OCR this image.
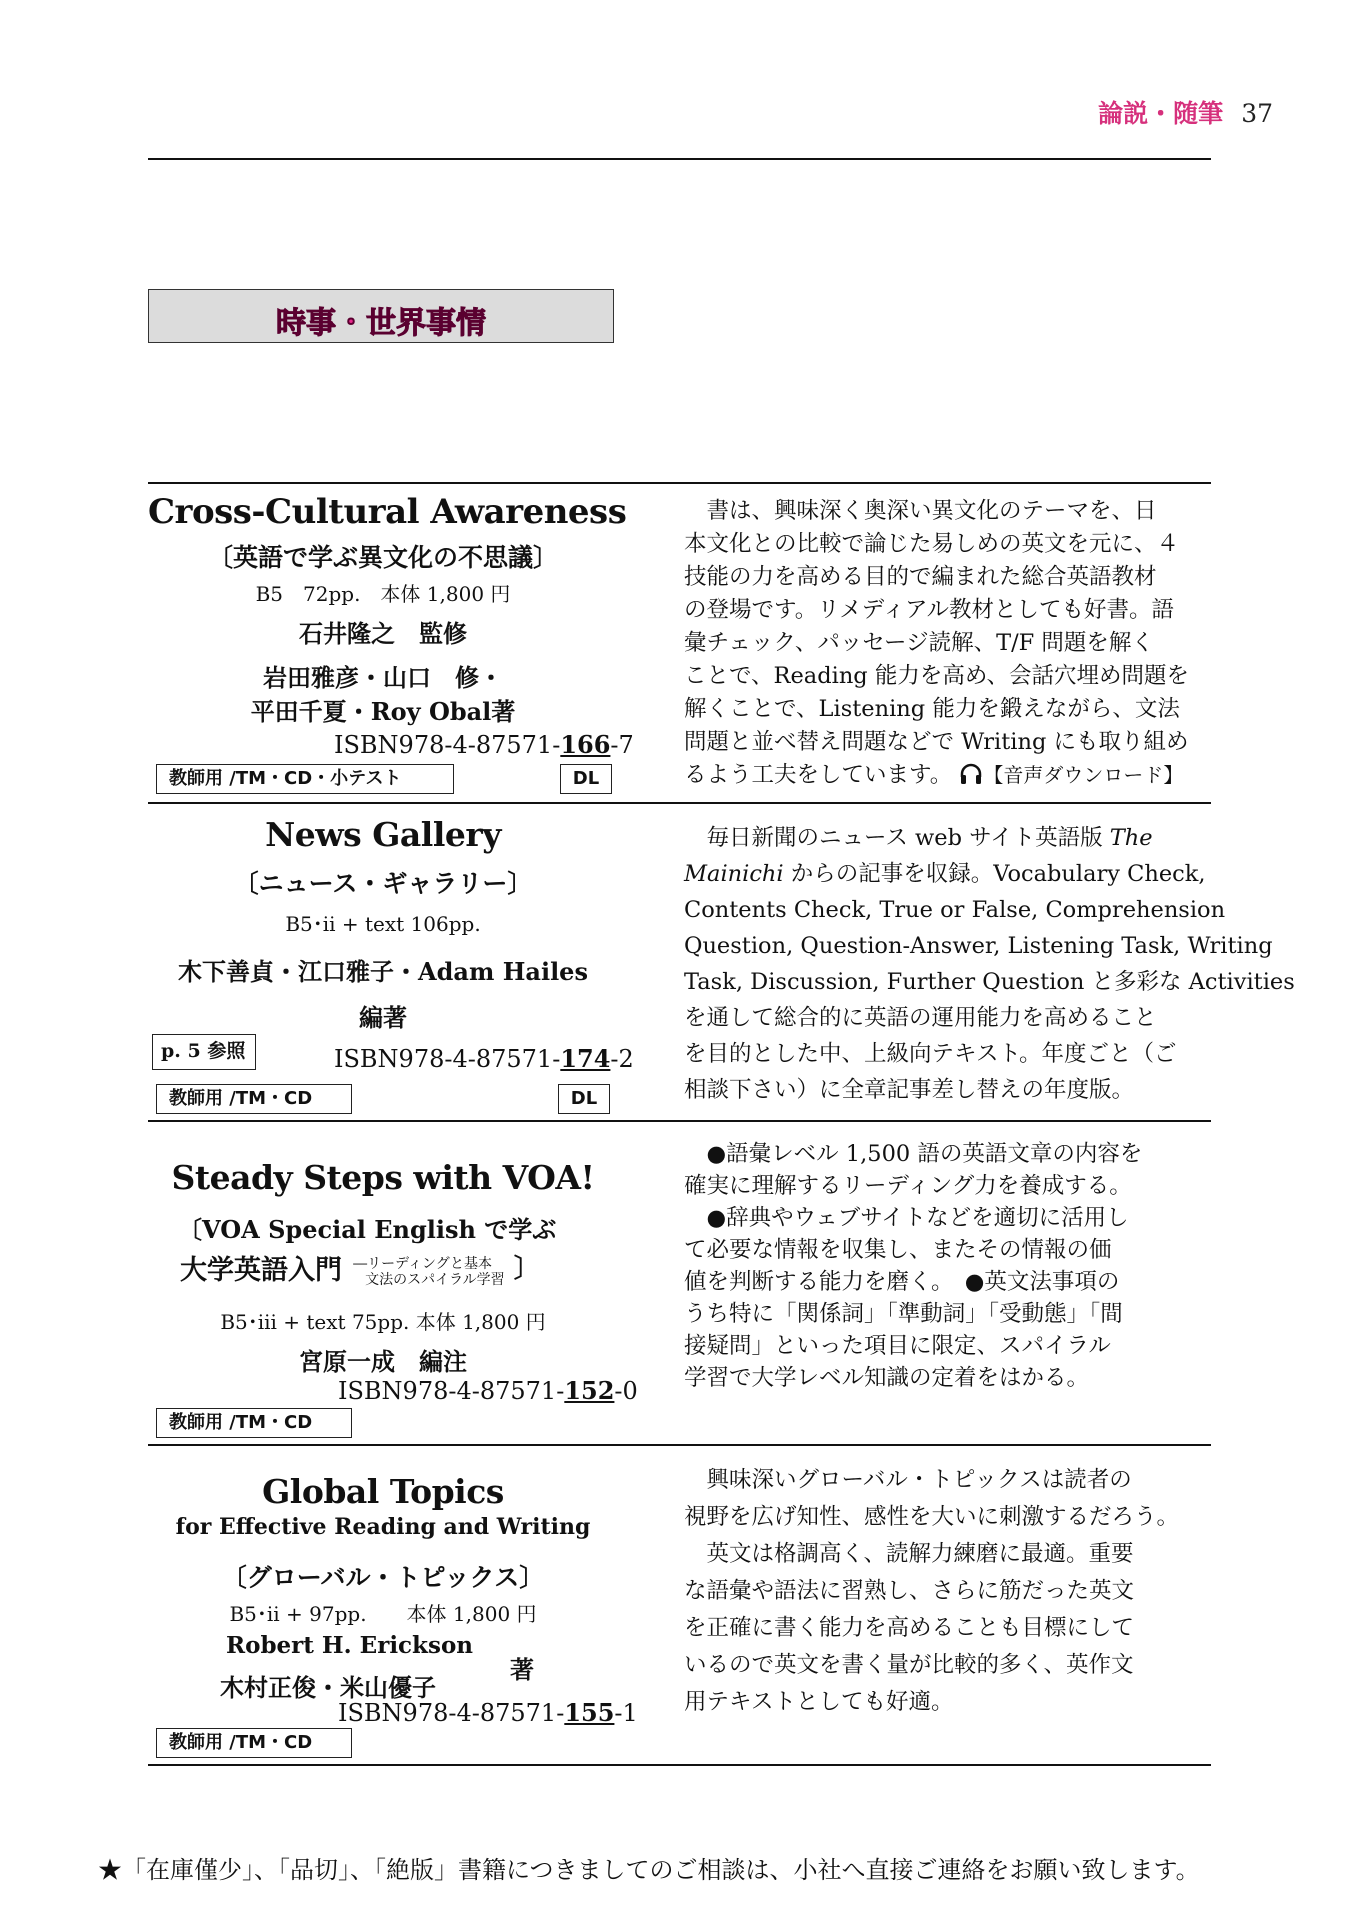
論説・随筆 37
時事・世界事情
Cross-Cultural Awareness
〔英語で学ぶ異文化の不思議〕
B5　72pp.　本体 1,800 円
石井隆之　監修
岩田雅彦・山口　修・
平田千夏・Roy Obal著
ISBN978-4-87571-166-7
教師用 /TM・CD・小テスト	DL
　書は、興味深く奥深い異文化のテーマを、日
本文化との比較で論じた易しめの英文を元に、４
技能の力を高める目的で編まれた総合英語教材
の登場です。リメディアル教材としても好書。語
彙チェック、パッセージ読解、T/F 問題を解く
ことで、Reading 能力を高め、会話穴埋め問題を
解くことで、Listening 能力を鍛えながら、文法
問題と並べ替え問題などで Writing にも取り組め
るよう工夫をしています。 【音声ダウンロード】
News Gallery
〔ニュース・ギャラリー〕
B5･ii + text 106pp.
木下善貞・江口雅子・Adam Hailes
編著
p. 5 参照	ISBN978-4-87571-174-2
教師用 /TM・CD	DL
　毎日新聞のニュース web サイト英語版 The
Mainichi からの記事を収録。Vocabulary Check,
Contents Check, True or False, Comprehension
Question, Question-Answer, Listening Task, Writing
Task, Discussion, Further Question と多彩な Activities
を通して総合的に英語の運用能力を高めること
を目的とした中、上級向テキスト。年度ごと（ご
相談下さい）に全章記事差し替えの年度版。
Steady Steps with VOA!
〔VOA Special English で学ぶ
大学英語入門 ―リーディングと基本
文法のスパイラル学習 〕
B5･iii + text 75pp. 本体 1,800 円
宮原一成　編注
ISBN978-4-87571-152-0
教師用 /TM・CD
　●語彙レベル 1,500 語の英語文章の内容を
確実に理解するリーディング力を養成する。
　●辞典やウェブサイトなどを適切に活用し
て必要な情報を収集し、またその情報の価
値を判断する能力を磨く。　●英文法事項の
うち特に「関係詞」「準動詞」「受動態」「間
接疑問」といった項目に限定、スパイラル
学習で大学レベル知識の定着をはかる。
Global Topics
for Effective Reading and Writing
〔グローバル・トピックス〕
B5･ii + 97pp.　　本体 1,800 円
Robert H. Erickson
木村正俊・米山優子
著
ISBN978-4-87571-155-1
教師用 /TM・CD
　興味深いグローバル・トピックスは読者の
視野を広げ知性、感性を大いに刺激するだろう。
　英文は格調高く、読解力練磨に最適。重要
な語彙や語法に習熟し、さらに筋だった英文
を正確に書く能力を高めることも目標にして
いるので英文を書く量が比較的多く、英作文
用テキストとしても好適。
★「在庫僅少」、「品切」、「絶版」書籍につきましてのご相談は、小社へ直接ご連絡をお願い致します。
